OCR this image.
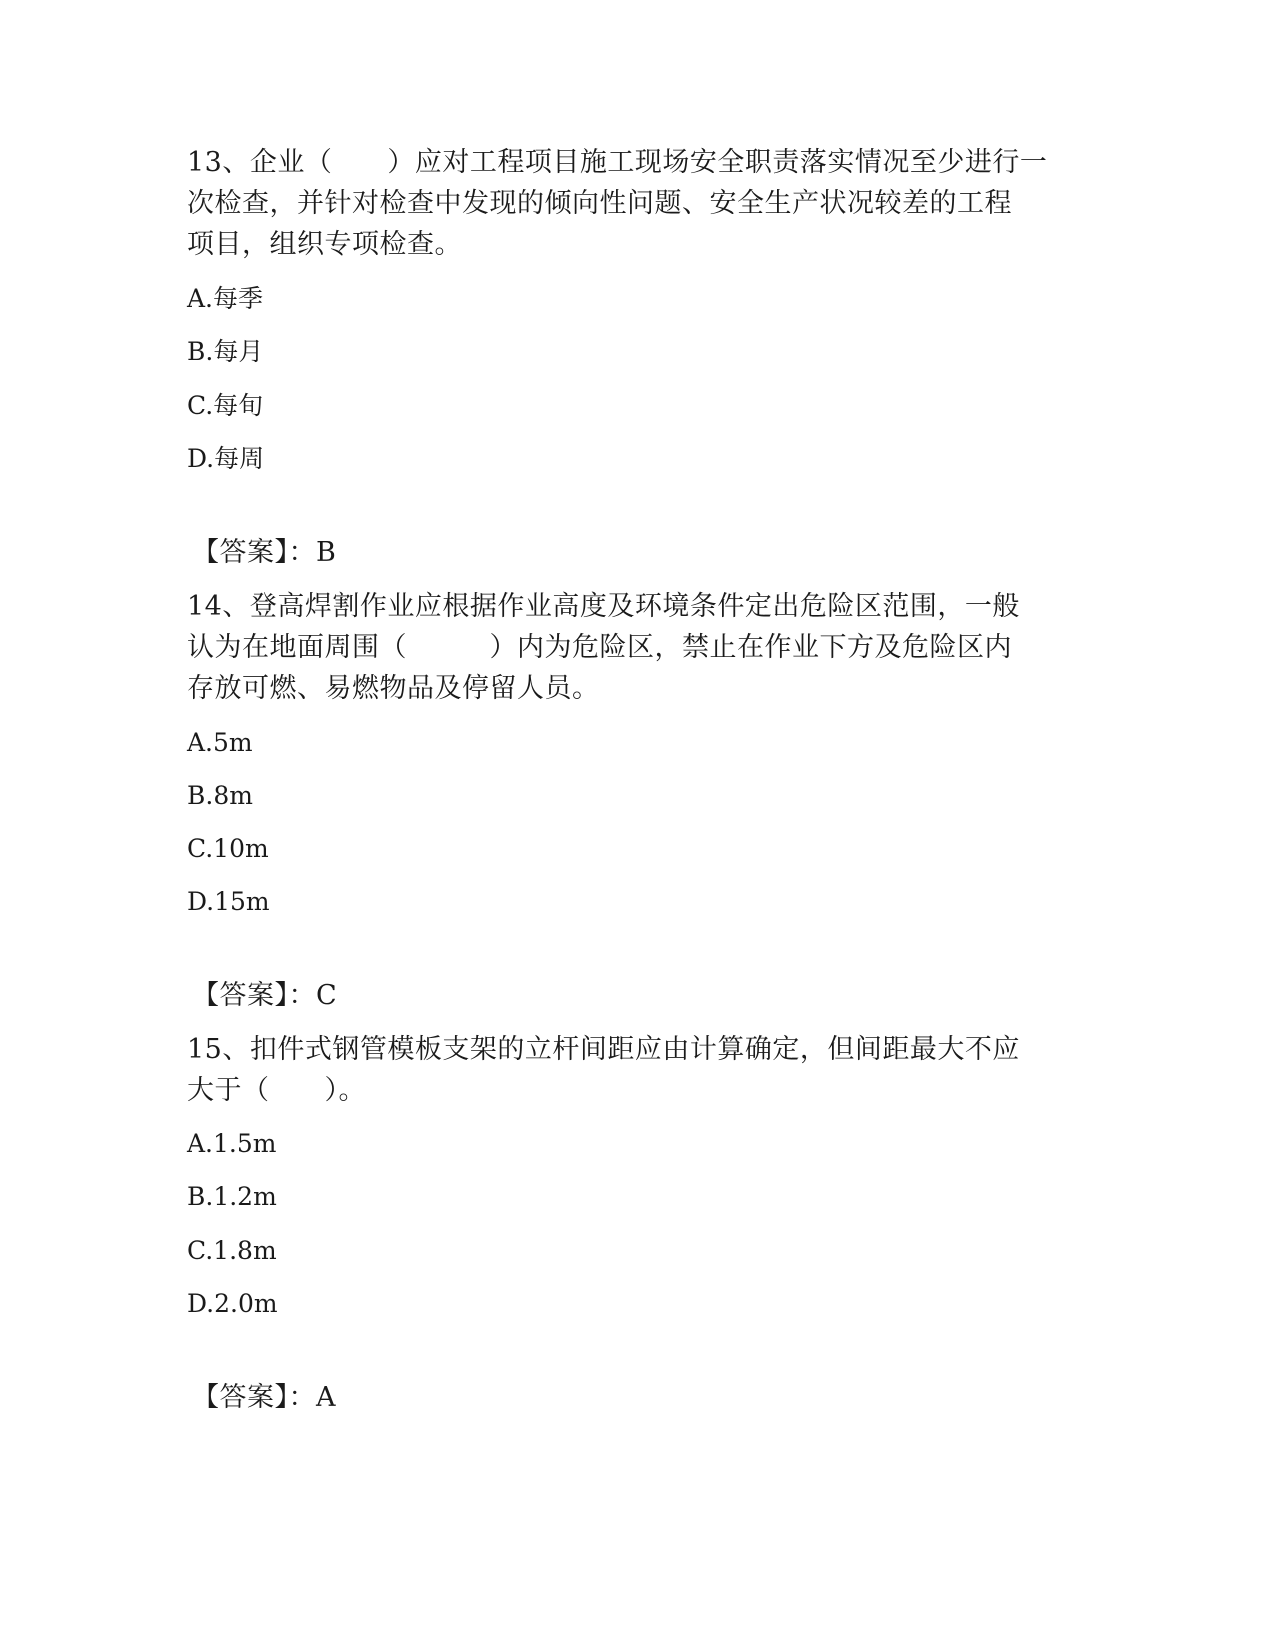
13、企业（　　）应对工程项目施工现场安全职责落实情况至少进行一
次检查，并针对检查中发现的倾向性问题、安全生产状况较差的工程
项目，组织专项检查。
A.每季
B.每月
C.每旬
D.每周
【答案】：B
14、登高焊割作业应根据作业高度及环境条件定出危险区范围，一般
认为在地面周围（　　　）内为危险区，禁止在作业下方及危险区内
存放可燃、易燃物品及停留人员。
A.5m
B.8m
C.10m
D.15m
【答案】：C
15、扣件式钢管模板支架的立杆间距应由计算确定，但间距最大不应
大于（　　）。
A.1.5m
B.1.2m
C.1.8m
D.2.0m
【答案】：A
